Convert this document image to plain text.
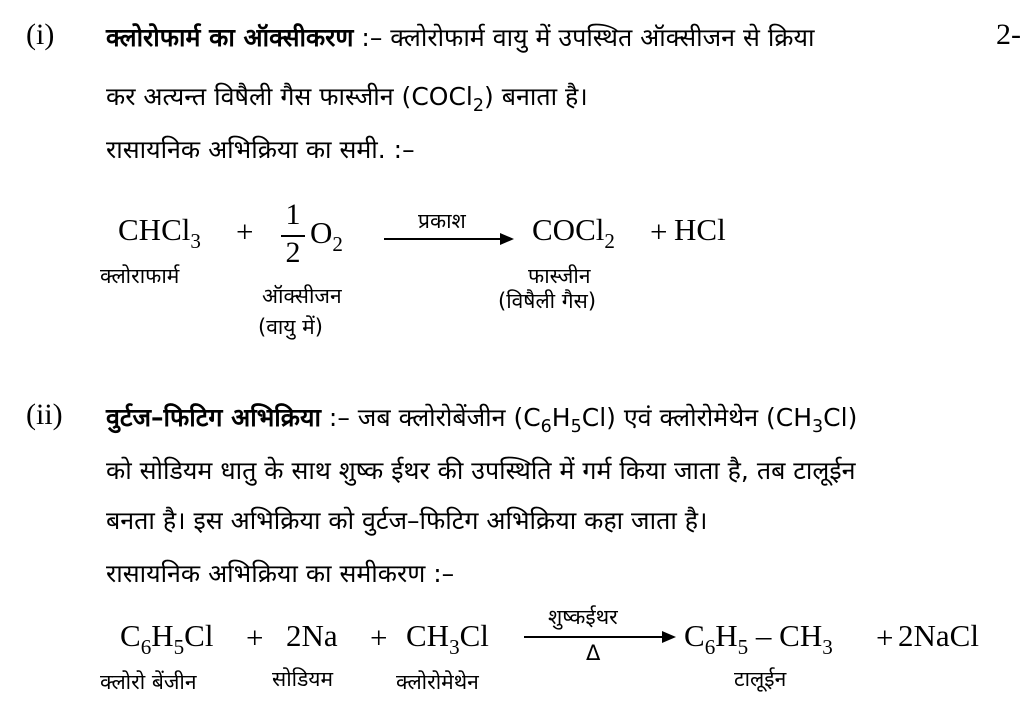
(i) क्लोरोफार्म का ऑक्सीकरण :– क्लोरोफार्म वायु में उपस्थित ऑक्सीजन से क्रिया	2-
कर अत्यन्त विषैली गैस फास्जीन (COCl$_2$) बनाता है।
रासायनिक अभिक्रिया का समी. :–
CHCl$_3$
क्लोराफार्म
+ 1
2
$O_2$
ऑक्सीजन
(वायु में)
प्रकाश COCl$_2$
फास्जीन
(विषैली गैस)
+ HCl
(ii) वुर्टज–फिटिग अभिक्रिया :– जब क्लोरोबेंजीन $(C_6H_5Cl)$ एवं क्लोरोमेथेन $(CH_3Cl)$
को सोडियम धातु के साथ शुष्क ईथर की उपस्थिति में गर्म किया जाता है, तब टालूईन
बनता है। इस अभिक्रिया को वुर्टज–फिटिग अभिक्रिया कहा जाता है।
रासायनिक अभिक्रिया का समीकरण :–
$C_6H_5Cl$
क्लोरो बेंजीन
+ 2Na
सोडियम
+ $CH_3Cl$
क्लोरोमेथेन
शुष्कईथर
Δ	$C_6H_5 - CH_3$
टालूईन
+ 2NaCl
